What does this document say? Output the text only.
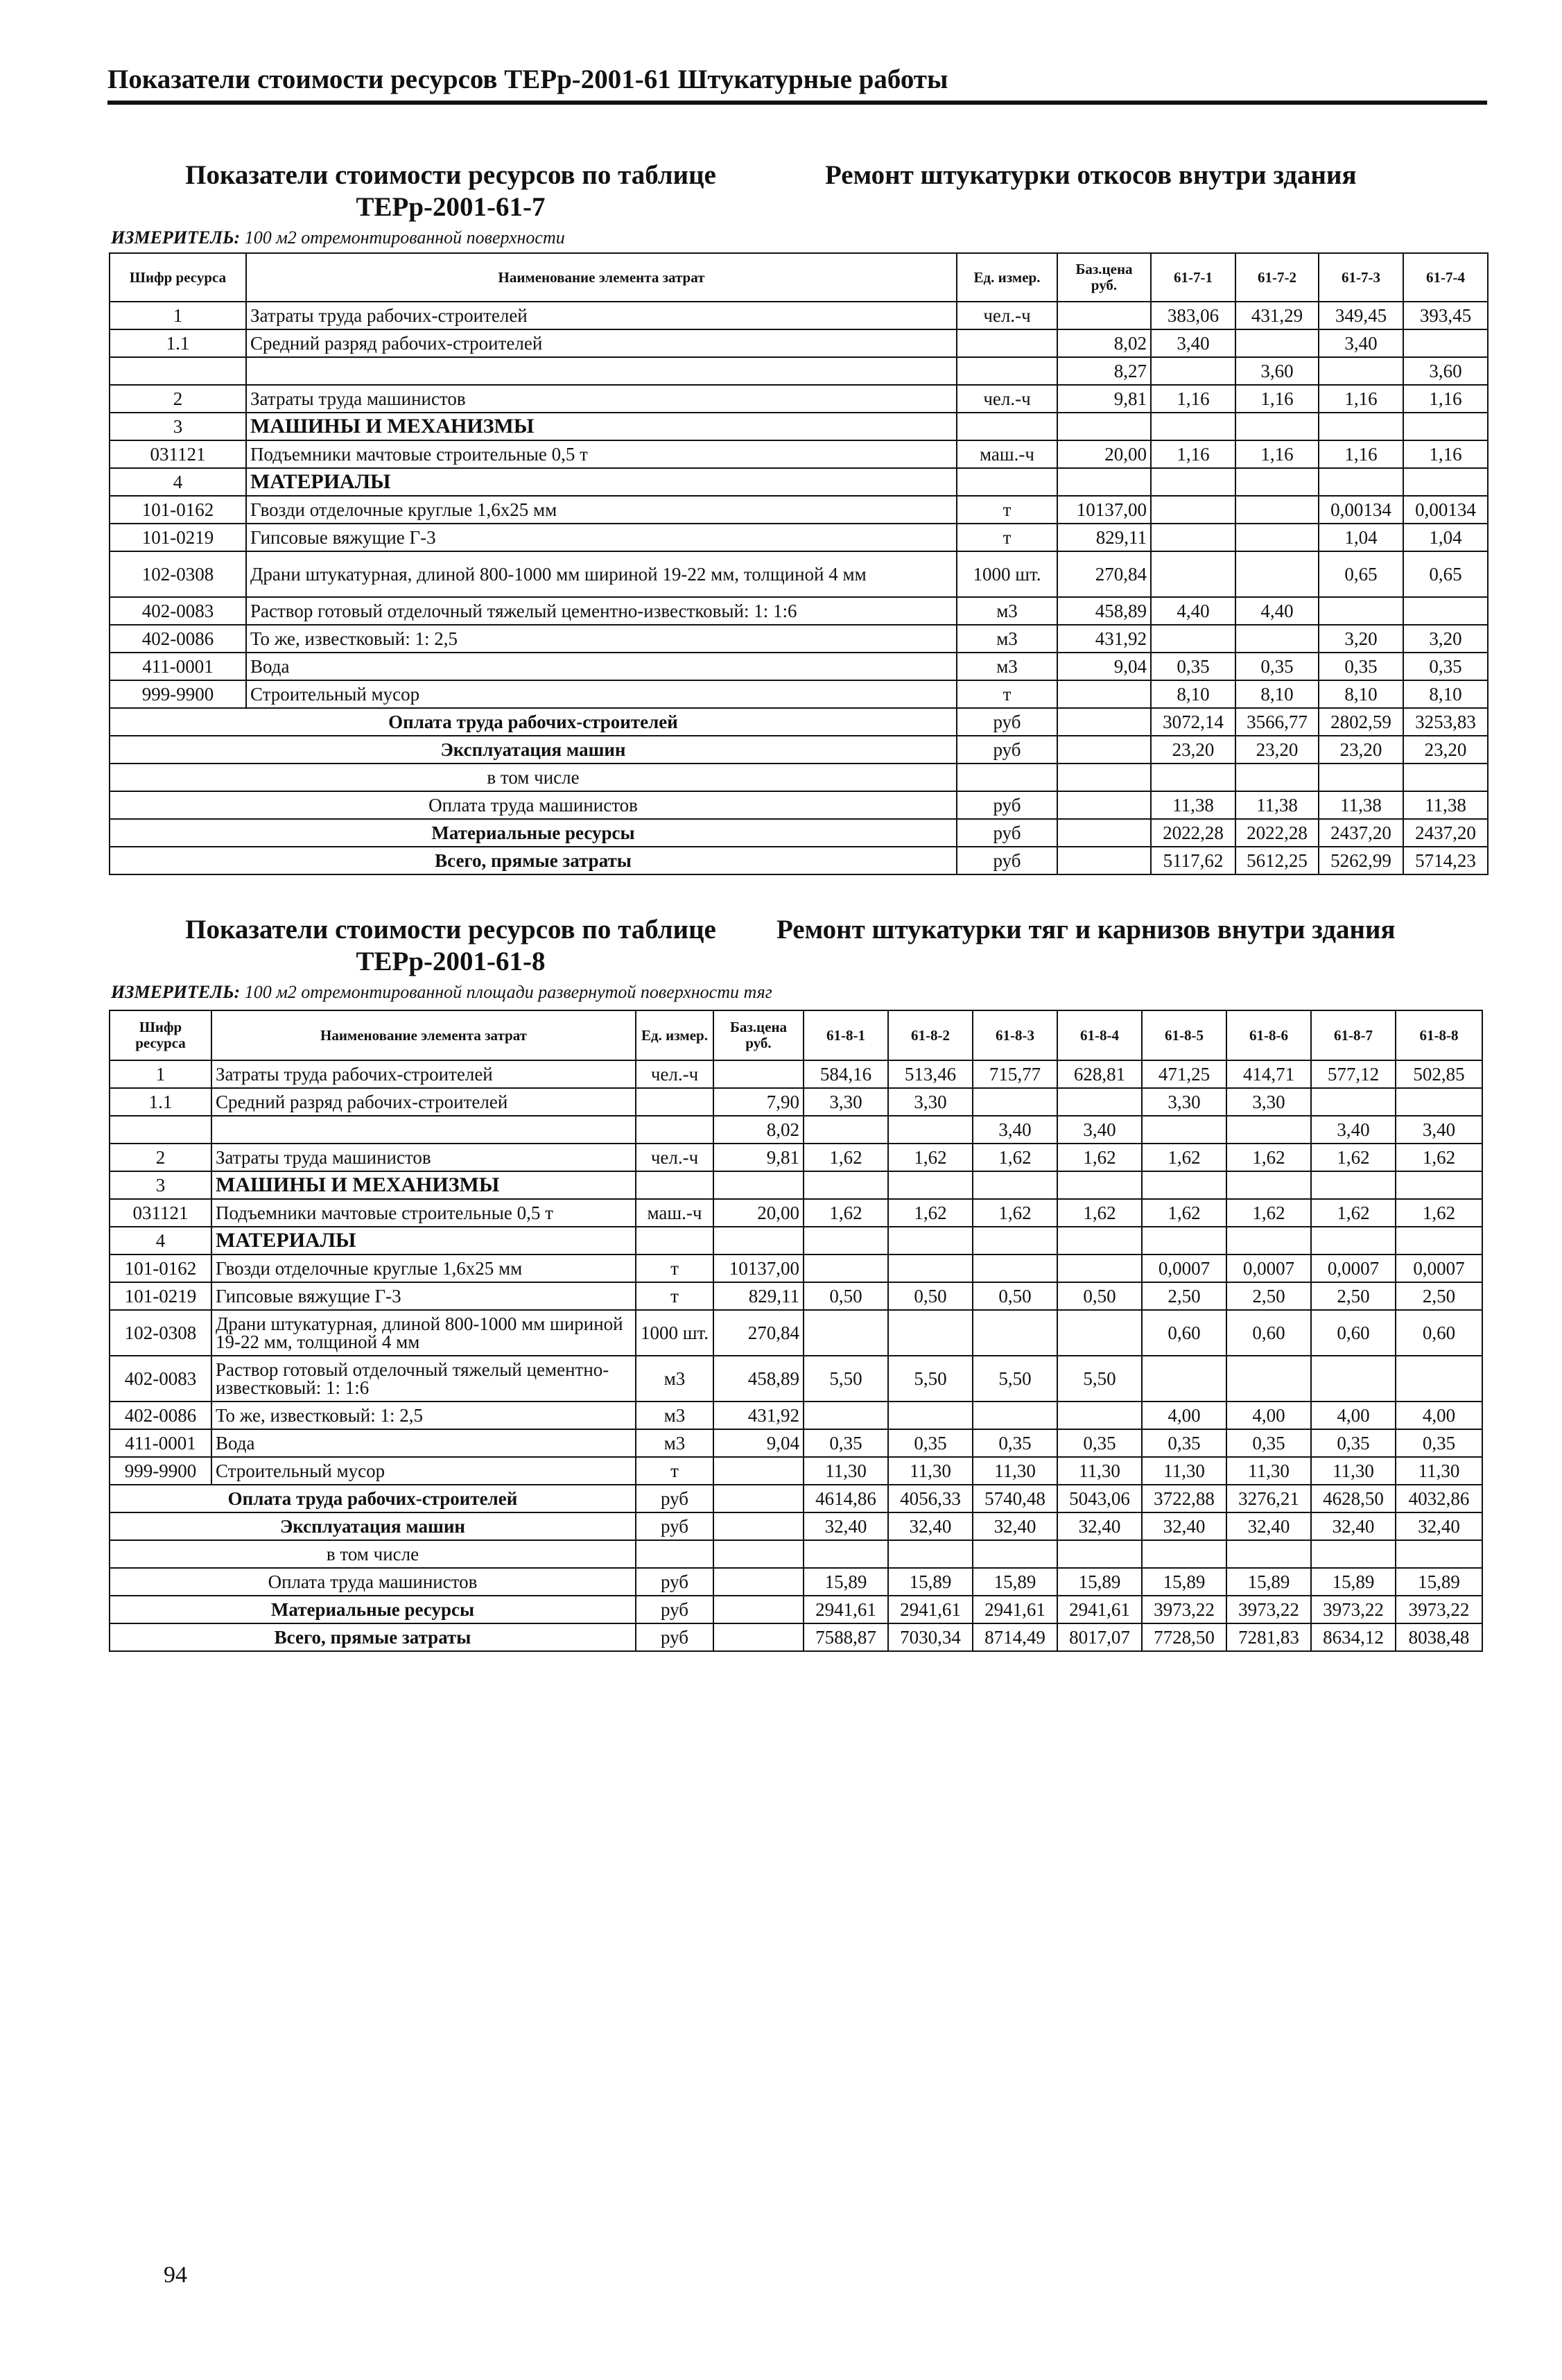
Показатели стоимости ресурсов ТЕРр-2001-61 Штукатурные работы
Показатели стоимости ресурсов по таблице
ТЕРр-2001-61-7
Ремонт штукатурки откосов внутри здания
ИЗМЕРИТЕЛЬ: 100 м2 отремонтированной поверхности
Шифр ресурса	Наименование элемента затрат	Ед. измер.	Баз.цена руб.	61-7-1	61-7-2	61-7-3	61-7-4
1	Затраты труда рабочих-строителей	чел.-ч		383,06	431,29	349,45	393,45
1.1	Средний разряд рабочих-строителей		8,02	3,40		3,40	
			8,27		3,60		3,60
2	Затраты труда машинистов	чел.-ч	9,81	1,16	1,16	1,16	1,16
3	МАШИНЫ И МЕХАНИЗМЫ						
031121	Подъемники мачтовые строительные 0,5 т	маш.-ч	20,00	1,16	1,16	1,16	1,16
4	МАТЕРИАЛЫ						
101-0162	Гвозди отделочные круглые 1,6х25 мм	т	10137,00			0,00134	0,00134
101-0219	Гипсовые вяжущие Г-3	т	829,11			1,04	1,04
102-0308	Драни штукатурная, длиной 800-1000 мм шириной 19-22 мм, толщиной 4 мм	1000 шт.	270,84			0,65	0,65
402-0083	Раствор готовый отделочный тяжелый цементно-известковый: 1: 1:6	м3	458,89	4,40	4,40		
402-0086	То же, известковый: 1: 2,5	м3	431,92			3,20	3,20
411-0001	Вода	м3	9,04	0,35	0,35	0,35	0,35
999-9900	Строительный мусор	т		8,10	8,10	8,10	8,10
Оплата труда рабочих-строителей		руб		3072,14	3566,77	2802,59	3253,83
Эксплуатация машин		руб		23,20	23,20	23,20	23,20
в том числе							
Оплата труда машинистов		руб		11,38	11,38	11,38	11,38
Материальные ресурсы		руб		2022,28	2022,28	2437,20	2437,20
Всего, прямые затраты		руб		5117,62	5612,25	5262,99	5714,23
Показатели стоимости ресурсов по таблице
ТЕРр-2001-61-8
Ремонт штукатурки тяг и карнизов внутри здания
ИЗМЕРИТЕЛЬ: 100 м2 отремонтированной площади развернутой поверхности тяг
Шифр ресурса	Наименование элемента затрат	Ед. измер.	Баз.цена руб.	61-8-1	61-8-2	61-8-3	61-8-4	61-8-5	61-8-6	61-8-7	61-8-8
1	Затраты труда рабочих-строителей	чел.-ч		584,16	513,46	715,77	628,81	471,25	414,71	577,12	502,85
1.1	Средний разряд рабочих-строителей		7,90	3,30	3,30			3,30	3,30		
			8,02			3,40	3,40			3,40	3,40
2	Затраты труда машинистов	чел.-ч	9,81	1,62	1,62	1,62	1,62	1,62	1,62	1,62	1,62
3	МАШИНЫ И МЕХАНИЗМЫ										
031121	Подъемники мачтовые строительные 0,5 т	маш.-ч	20,00	1,62	1,62	1,62	1,62	1,62	1,62	1,62	1,62
4	МАТЕРИАЛЫ										
101-0162	Гвозди отделочные круглые 1,6х25 мм	т	10137,00					0,0007	0,0007	0,0007	0,0007
101-0219	Гипсовые вяжущие Г-3	т	829,11	0,50	0,50	0,50	0,50	2,50	2,50	2,50	2,50
102-0308	Драни штукатурная, длиной 800-1000 мм шириной 19-22 мм, толщиной 4 мм	1000 шт.	270,84					0,60	0,60	0,60	0,60
402-0083	Раствор готовый отделочный тяжелый цементно-известковый: 1: 1:6	м3	458,89	5,50	5,50	5,50	5,50				
402-0086	То же, известковый: 1: 2,5	м3	431,92					4,00	4,00	4,00	4,00
411-0001	Вода	м3	9,04	0,35	0,35	0,35	0,35	0,35	0,35	0,35	0,35
999-9900	Строительный мусор	т		11,30	11,30	11,30	11,30	11,30	11,30	11,30	11,30
Оплата труда рабочих-строителей		руб		4614,86	4056,33	5740,48	5043,06	3722,88	3276,21	4628,50	4032,86
Эксплуатация машин		руб		32,40	32,40	32,40	32,40	32,40	32,40	32,40	32,40
в том числе											
Оплата труда машинистов		руб		15,89	15,89	15,89	15,89	15,89	15,89	15,89	15,89
Материальные ресурсы		руб		2941,61	2941,61	2941,61	2941,61	3973,22	3973,22	3973,22	3973,22
Всего, прямые затраты		руб		7588,87	7030,34	8714,49	8017,07	7728,50	7281,83	8634,12	8038,48
94
